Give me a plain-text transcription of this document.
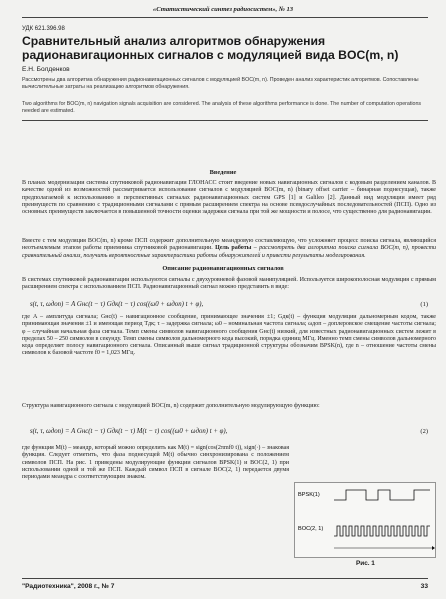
«Статистический синтез радиосистем», № 13
УДК 621.396.98
Сравнительный анализ алгоритмов обнаружения радионавигационных сигналов с модуляцией вида BOC(m, n)
Е.Н. Болденков
Рассмотрены два алгоритма обнаружения радионавигационных сигналов с модуляцией BOC(m, n). Проведен анализ характеристик алгоритмов. Сопоставлены вычислительные затраты на реализацию алгоритмов обнаружения.
Two algorithms for BOC(m, n) navigation signals acquisition are considered. The analysis of these algorithms performance is done. The number of computation operations needed are estimated.
Введение
В планах модернизации системы спутниковой радионавигации ГЛОНАСС стоит введение новых навигационных сигналов с кодовым разделением каналов. В качестве одной из возможностей рассматривается использование сигналов с модуляцией BOC(m, n) (binary offset carrier – бинарная поднесущая), также предполагаемой к использованию в перспективных сигналах радионавигационных систем GPS [1] и Galileo [2]. Данный вид модуляции имеет ряд преимуществ по сравнению с традиционными сигналами с прямым расширением спектра на основе псевдослучайных последовательностей (ПСП). Одно из основных преимуществ заключается в повышенной точности оценки задержки сигнала при той же мощности и полосе, что существенно для радионавигации.
Вместе с тем модуляция BOC(m, n) кроме ПСП содержит дополнительную меандровую составляющую, что усложняет процесс поиска сигнала, являющийся неотъемлемым этапом работы приемника спутниковой радионавигации. Цель работы – рассмотреть два алгоритма поиска сигнала BOC(m, n), провести сравнительный анализ, получить вероятностные характеристики работы обнаружителей и привести результаты моделирования.
Описание радионавигационных сигналов
В системах спутниковой радионавигации используются сигналы с двухуровневой фазовой манипуляцией. Используется широкополосная модуляция с прямым расширением спектра с использованием ПСП. Радионавигационный сигнал можно представить в виде:
s(t, τ, ωдоп) = A Gнс(t − τ) Gдк(t − τ) cos((ω0 + ωдоп) t + φ),	(1)
где A – амплитуда сигнала; Gнс(t) – навигационное сообщение, принимающее значения ±1; Gдк(t) – функция модуляции дальномерным кодом, также принимающая значения ±1 и имеющая период Tдк; τ – задержка сигнала; ω0 – номинальная частота сигнала; ωдоп – доплеровское смещение частоты сигнала; φ – случайная начальная фаза сигнала. Темп смены символов навигационного сообщения Gнс(t) низкий, для известных радионавигационных систем лежит в пределах 50 – 250 символов в секунду. Темп смены символов дальномерного кода высокий, порядка единиц МГц. Именно темп смены символов дальномерного кода определяет полосу навигационного сигнала. Описанный выше сигнал традиционной структуры обозначим BPSK(n), где n – отношение частоты смены символов к базовой частоте f0 = 1,023 МГц.
Структура навигационного сигнала с модуляцией BOC(m, n) содержит дополнительную модулирующую функцию:
s(t, τ, ωдоп) = A Gнс(t − τ) Gдк(t − τ) M(t − τ) cos((ω0 + ωдоп) t + φ),	(2)
где функция M(t) – меандр, который можно определить как M(t) = sign(cos(2πmf0 t)), sign(·) – знаковая функция. Следует отметить, что фаза поднесущей M(t) обычно синхронизирована с положением символов ПСП. На рис. 1 приведены модулирующие функции сигналов BPSK(1) и BOC(2, 1) при использовании одной и той же ПСП. Каждый символ ПСП в сигнале BOC(2, 1) передается двумя периодами меандра с соответствующим знаком.
BPSK(1)
BOC(2, 1)
Рис. 1
"Радиотехника", 2008 г., № 7	33
